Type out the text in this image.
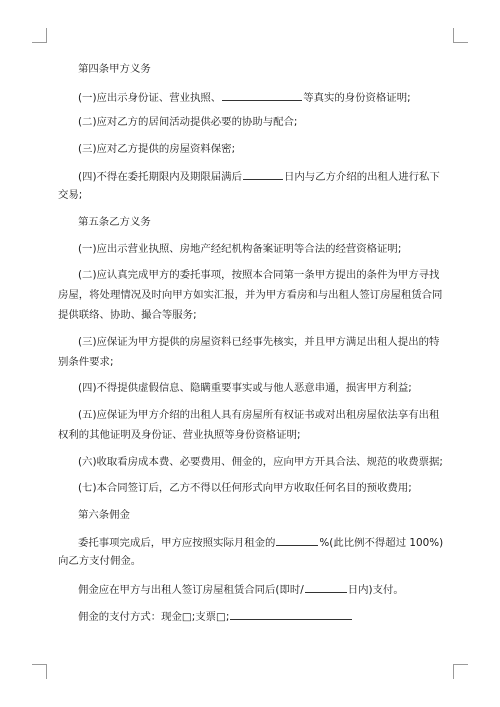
第四条甲方义务
(一)应出示身份证、营业执照、	等真实的身份资格证明;
(二)应对乙方的居间活动提供必要的协助与配合;
(三)应对乙方提供的房屋资料保密;
(四)不得在委托期限内及期限届满后	日内与乙方介绍的出租人进行私下
交易;
第五条乙方义务
(一)应出示营业执照、房地产经纪机构备案证明等合法的经营资格证明;
(二)应认真完成甲方的委托事项，按照本合同第一条甲方提出的条件为甲方寻找
房屋，将处理情况及时向甲方如实汇报，并为甲方看房和与出租人签订房屋租赁合同
提供联络、协助、撮合等服务;
(三)应保证为甲方提供的房屋资料已经事先核实，并且甲方满足出租人提出的特
别条件要求;
(四)不得提供虚假信息、隐瞒重要事实或与他人恶意串通，损害甲方利益;
(五)应保证为甲方介绍的出租人具有房屋所有权证书或对出租房屋依法享有出租
权利的其他证明及身份证、营业执照等身份资格证明;
(六)收取看房成本费、必要费用、佣金的，应向甲方开具合法、规范的收费票据;
(七)本合同签订后，乙方不得以任何形式向甲方收取任何名目的预收费用;
第六条佣金
委托事项完成后，甲方应按照实际月租金的	%(此比例不得超过 100%)
向乙方支付佣金。
佣金应在甲方与出租人签订房屋租赁合同后(即时/	日内)支付。
佣金的支付方式：现金□;支票□;
